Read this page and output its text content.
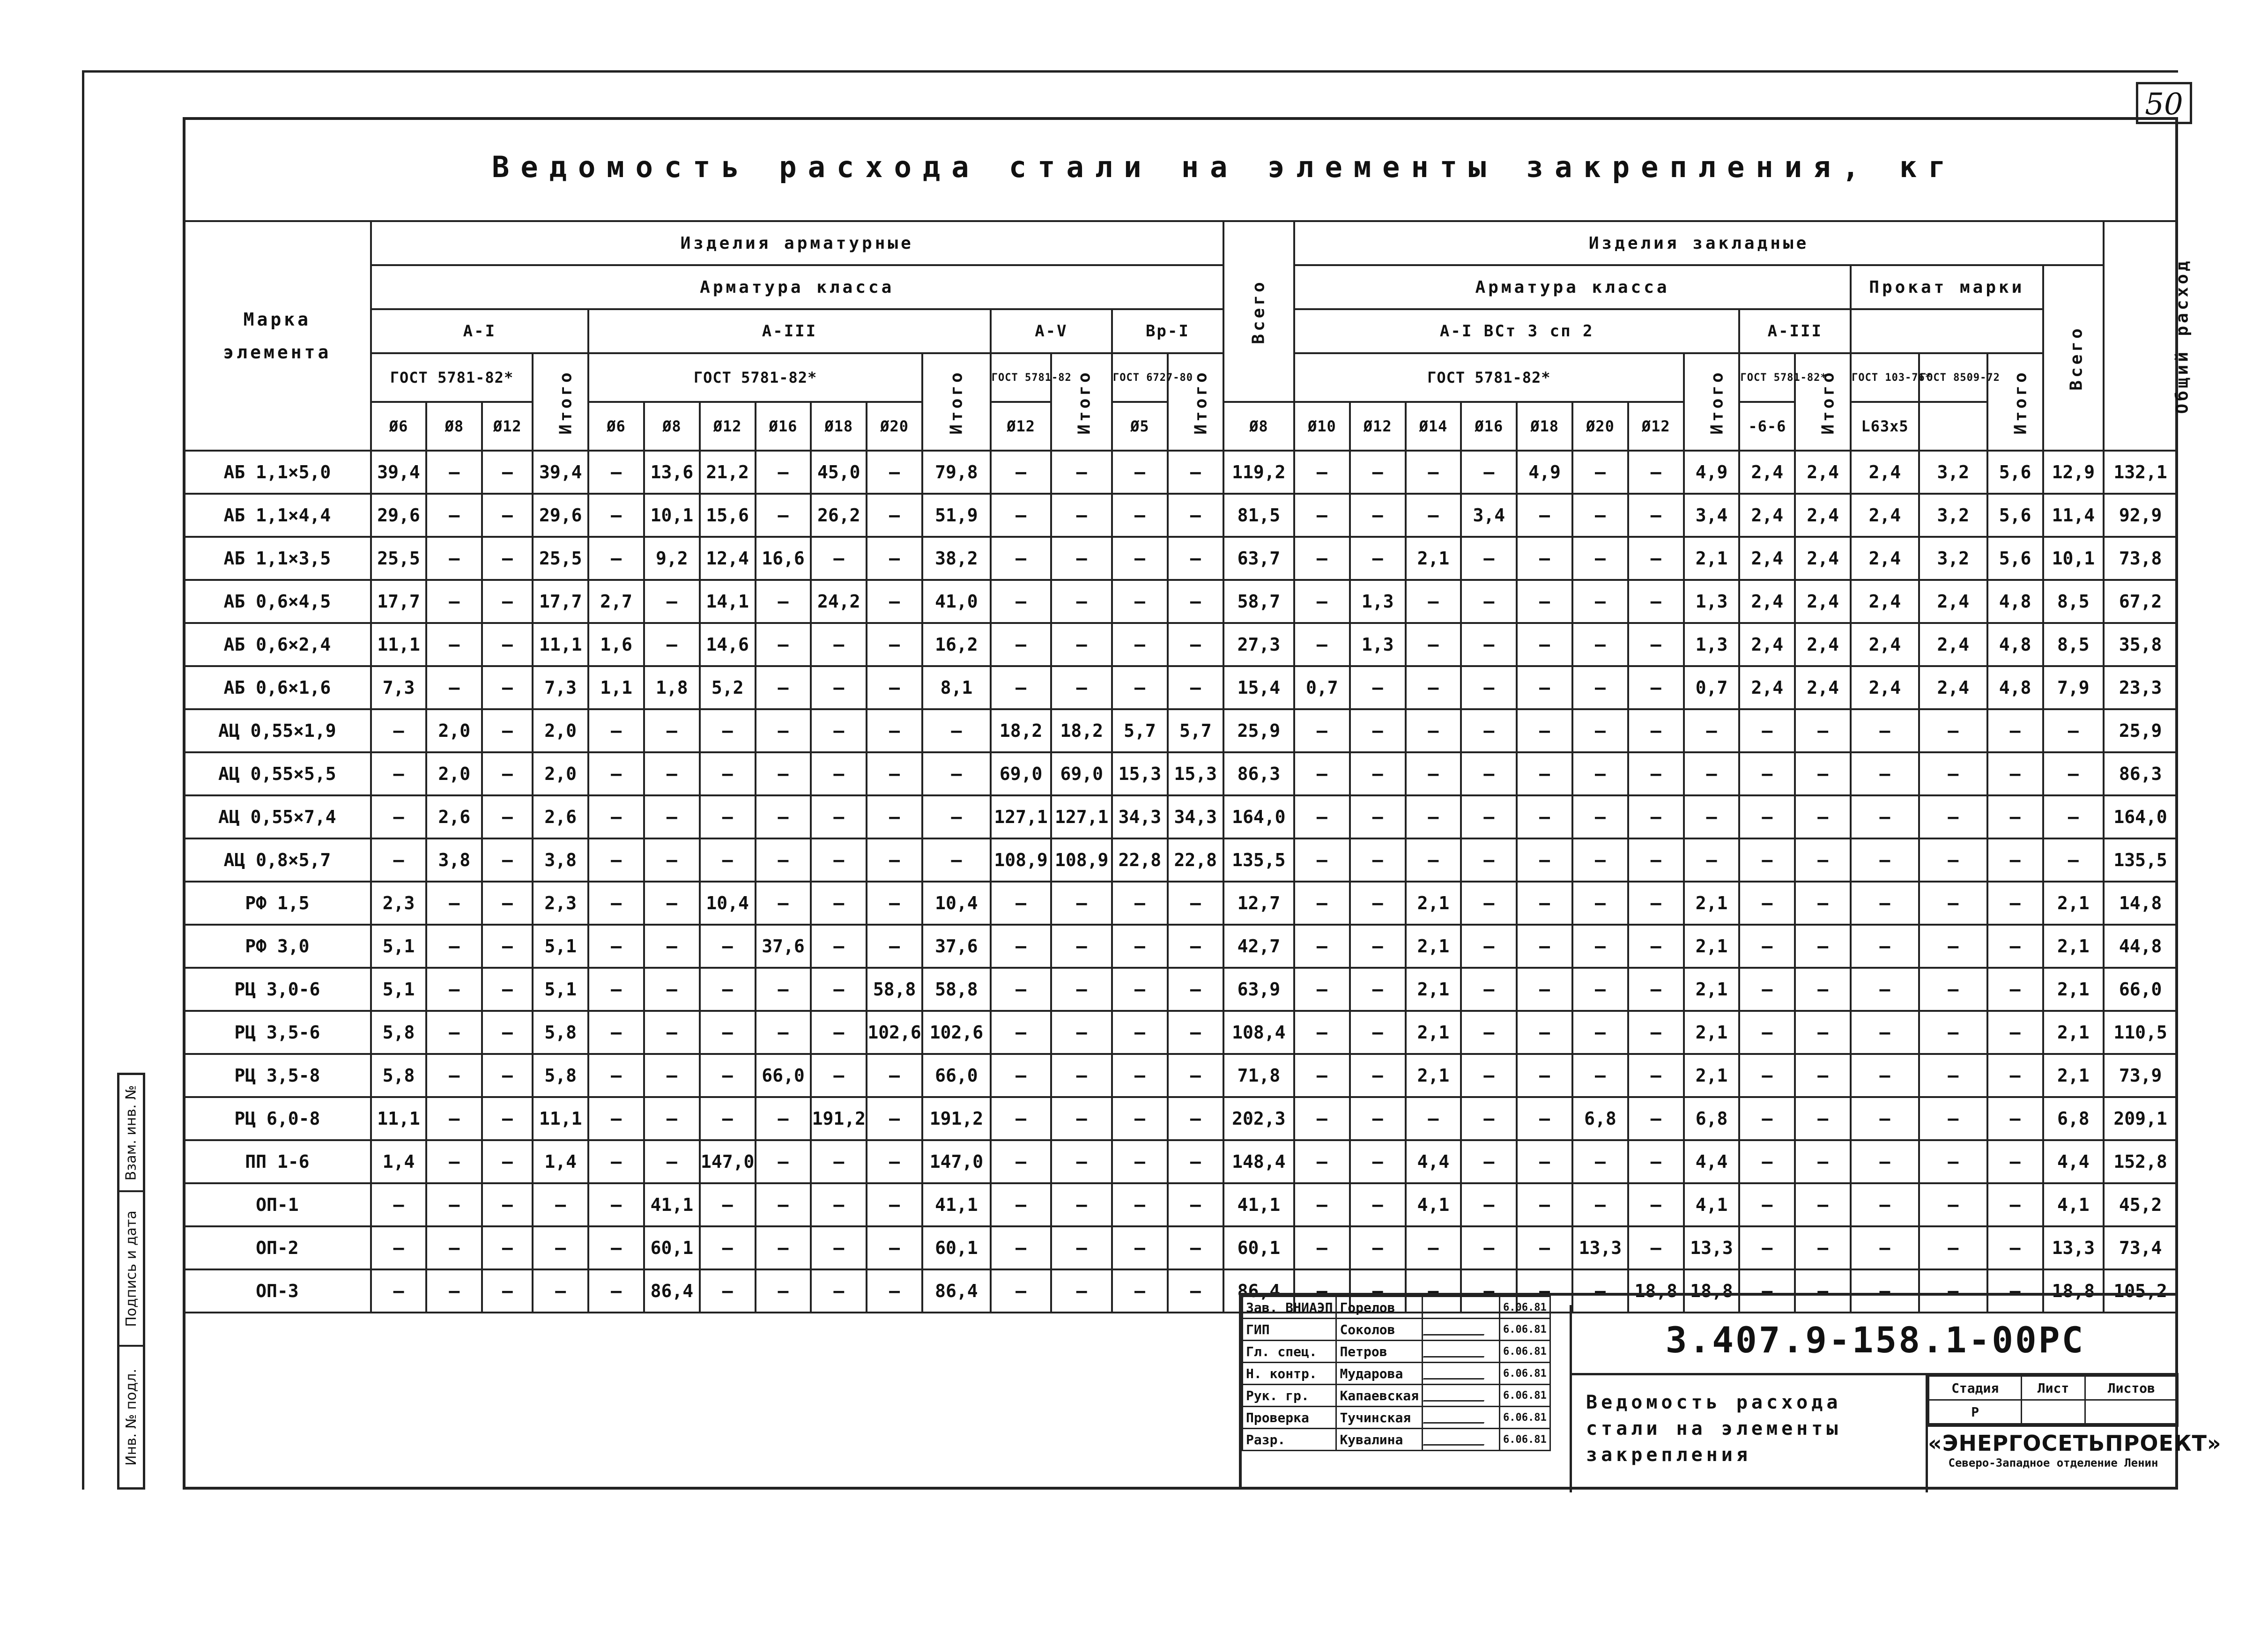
50
Ведомость расхода стали на элементы закрепления, кг
Марка элемента	Изделия арматурные															Всего	Изделия закладные														Общий расход
	Арматура класса																Арматура класса										Прокат марки			Всего	
	А-I				А-III							А-V		Вр-I			А-I ВСт 3 сп 2								А-III						
	ГОСТ 5781-82*			Итого	ГОСТ 5781-82*						Итого	ГОСТ 5781-82	Итого	ГОСТ 6727-80	Итого		ГОСТ 5781-82*							Итого	ГОСТ 5781-82*	Итого	ГОСТ 103-76*	ГОСТ 8509-72	Итого		
	Ø6	Ø8	Ø12		Ø6	Ø8	Ø12	Ø16	Ø18	Ø20		Ø12		Ø5		Ø8	Ø10	Ø12	Ø14	Ø16	Ø18	Ø20	Ø12		-6-6		L63x5				
АБ 1,1×5,0	39,4	—	—	39,4	—	13,6	21,2	—	45,0	—	79,8	—	—	—	—	119,2	—	—	—	—	4,9	—	—	4,9	2,4	2,4	2,4	3,2	5,6	12,9	132,1
АБ 1,1×4,4	29,6	—	—	29,6	—	10,1	15,6	—	26,2	—	51,9	—	—	—	—	81,5	—	—	—	3,4	—	—	—	3,4	2,4	2,4	2,4	3,2	5,6	11,4	92,9
АБ 1,1×3,5	25,5	—	—	25,5	—	9,2	12,4	16,6	—	—	38,2	—	—	—	—	63,7	—	—	2,1	—	—	—	—	2,1	2,4	2,4	2,4	3,2	5,6	10,1	73,8
АБ 0,6×4,5	17,7	—	—	17,7	2,7	—	14,1	—	24,2	—	41,0	—	—	—	—	58,7	—	1,3	—	—	—	—	—	1,3	2,4	2,4	2,4	2,4	4,8	8,5	67,2
АБ 0,6×2,4	11,1	—	—	11,1	1,6	—	14,6	—	—	—	16,2	—	—	—	—	27,3	—	1,3	—	—	—	—	—	1,3	2,4	2,4	2,4	2,4	4,8	8,5	35,8
АБ 0,6×1,6	7,3	—	—	7,3	1,1	1,8	5,2	—	—	—	8,1	—	—	—	—	15,4	0,7	—	—	—	—	—	—	0,7	2,4	2,4	2,4	2,4	4,8	7,9	23,3
АЦ 0,55×1,9	—	2,0	—	2,0	—	—	—	—	—	—	—	18,2	18,2	5,7	5,7	25,9	—	—	—	—	—	—	—	—	—	—	—	—	—	—	25,9
АЦ 0,55×5,5	—	2,0	—	2,0	—	—	—	—	—	—	—	69,0	69,0	15,3	15,3	86,3	—	—	—	—	—	—	—	—	—	—	—	—	—	—	86,3
АЦ 0,55×7,4	—	2,6	—	2,6	—	—	—	—	—	—	—	127,1	127,1	34,3	34,3	164,0	—	—	—	—	—	—	—	—	—	—	—	—	—	—	164,0
АЦ 0,8×5,7	—	3,8	—	3,8	—	—	—	—	—	—	—	108,9	108,9	22,8	22,8	135,5	—	—	—	—	—	—	—	—	—	—	—	—	—	—	135,5
РФ 1,5	2,3	—	—	2,3	—	—	10,4	—	—	—	10,4	—	—	—	—	12,7	—	—	2,1	—	—	—	—	2,1	—	—	—	—	—	2,1	14,8
РФ 3,0	5,1	—	—	5,1	—	—	—	37,6	—	—	37,6	—	—	—	—	42,7	—	—	2,1	—	—	—	—	2,1	—	—	—	—	—	2,1	44,8
РЦ 3,0-6	5,1	—	—	5,1	—	—	—	—	—	58,8	58,8	—	—	—	—	63,9	—	—	2,1	—	—	—	—	2,1	—	—	—	—	—	2,1	66,0
РЦ 3,5-6	5,8	—	—	5,8	—	—	—	—	—	102,6	102,6	—	—	—	—	108,4	—	—	2,1	—	—	—	—	2,1	—	—	—	—	—	2,1	110,5
РЦ 3,5-8	5,8	—	—	5,8	—	—	—	66,0	—	—	66,0	—	—	—	—	71,8	—	—	2,1	—	—	—	—	2,1	—	—	—	—	—	2,1	73,9
РЦ 6,0-8	11,1	—	—	11,1	—	—	—	—	191,2	—	191,2	—	—	—	—	202,3	—	—	—	—	—	6,8	—	6,8	—	—	—	—	—	6,8	209,1
ПП 1-6	1,4	—	—	1,4	—	—	147,0	—	—	—	147,0	—	—	—	—	148,4	—	—	4,4	—	—	—	—	4,4	—	—	—	—	—	4,4	152,8
ОП-1	—	—	—	—	—	41,1	—	—	—	—	41,1	—	—	—	—	41,1	—	—	4,1	—	—	—	—	4,1	—	—	—	—	—	4,1	45,2
ОП-2	—	—	—	—	—	60,1	—	—	—	—	60,1	—	—	—	—	60,1	—	—	—	—	—	13,3	—	13,3	—	—	—	—	—	13,3	73,4
ОП-3	—	—	—	—	—	86,4	—	—	—	—	86,4	—	—	—	—	86,4	—	—	—	—	—	—	18,8	18,8	—	—	—	—	—	18,8	105,2
Взам. инв. №
Подпись и дата
Инв. № подл.
Зав. ВНИАЭП	Горелов		6.06.81
ГИП	Соколов		6.06.81
Гл. спец.	Петров		6.06.81
Н. контр.	Мударова		6.06.81
Рук. гр.	Капаевская		6.06.81
Проверка	Тучинская		6.06.81
Разр.	Кувалина		6.06.81
3.407.9-158.1-00РС
Ведомость расхода стали на элементы закрепления
Стадия	Лист	Листов
Р		
«ЭНЕРГОСЕТЬПРОЕКТ»
Северо-Западное отделение Ленин
